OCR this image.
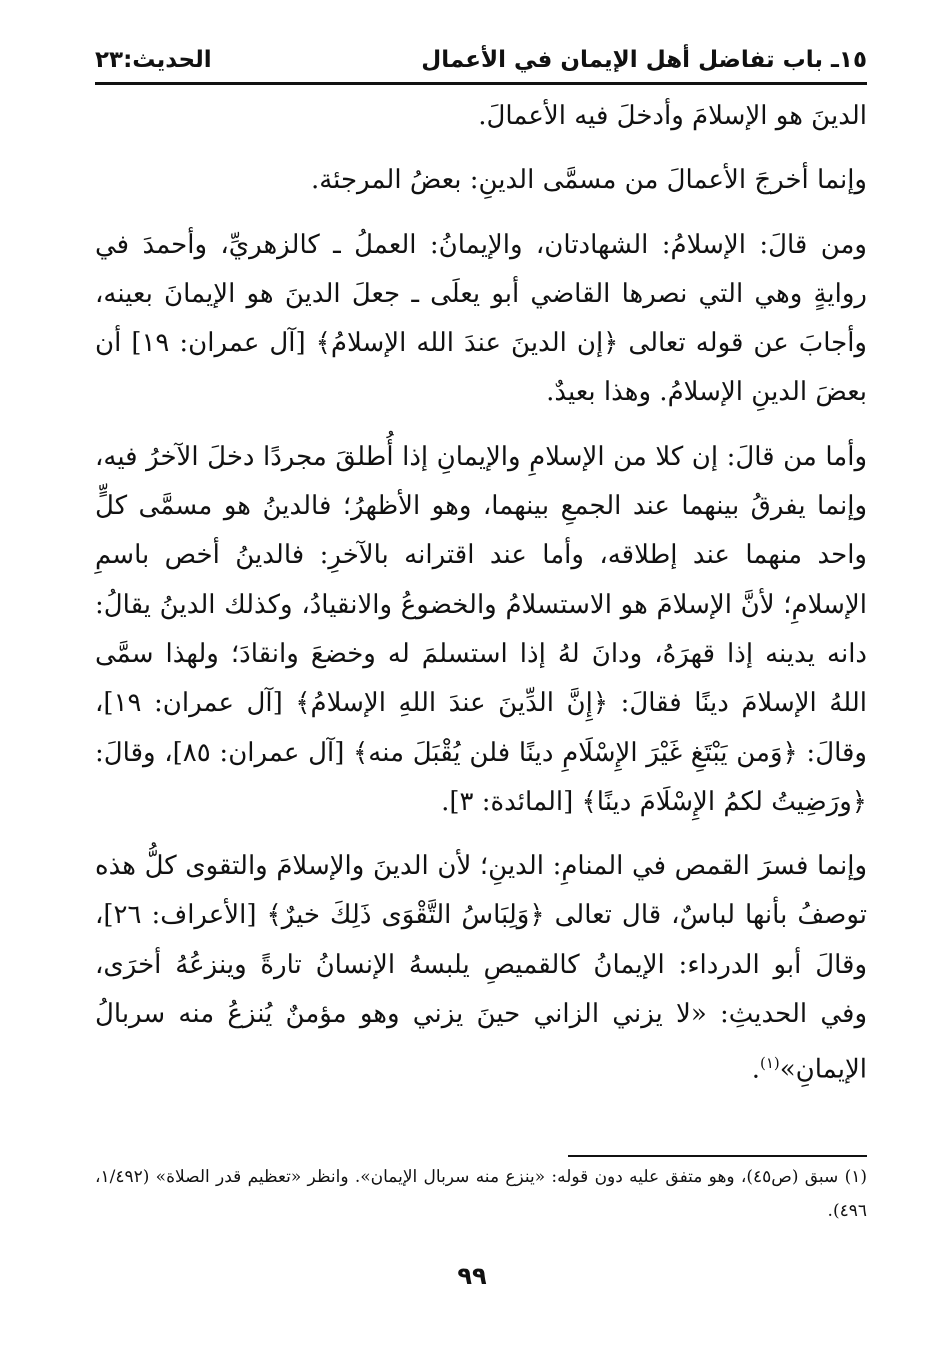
١٥ـ باب تفاضل أهل الإيمان في الأعمال
الحديث:٢٣

الدينَ هو الإسلامَ وأدخلَ فيه الأعمالَ.

وإنما أخرجَ الأعمالَ من مسمَّى الدينِ: بعضُ المرجئة.

ومن قالَ: الإسلامُ: الشهادتان، والإيمانُ: العملُ ـ كالزهريِّ، وأحمدَ في روايةٍ وهي التي نصرها القاضي أبو يعلَى ـ جعلَ الدينَ هو الإيمانَ بعينه، وأجابَ عن قوله تعالى ﴿إن الدينَ عندَ الله الإسلامُ﴾ [آل عمران: ١٩] أن بعضَ الدينِ الإسلامُ. وهذا بعيدٌ.

وأما من قالَ: إن كلا من الإسلامِ والإيمانِ إذا أُطلقَ مجردًا دخلَ الآخرُ فيه، وإنما يفرقُ بينهما عند الجمعِ بينهما، وهو الأظهرُ؛ فالدينُ هو مسمَّى كلٍّ واحد منهما عند إطلاقه، وأما عند اقترانه بالآخرِ: فالدينُ أخص باسمِ الإسلامِ؛ لأنَّ الإسلامَ هو الاستسلامُ والخضوعُ والانقيادُ، وكذلك الدينُ يقالُ: دانه يدينه إذا قهرَهُ، ودانَ لهُ إذا استسلمَ له وخضعَ وانقادَ؛ ولهذا سمَّى اللهُ الإسلامَ دينًا فقالَ: ﴿إِنَّ الدِّينَ عندَ اللهِ الإسلامُ﴾ [آل عمران: ١٩]، وقالَ: ﴿وَمن يَبْتَغِ غَيْرَ الإِسْلَامِ دينًا فلن يُقْبَلَ منه﴾ [آل عمران: ٨٥]، وقالَ: ﴿ورَضِيتُ لكمُ الإِسْلَامَ دينًا﴾ [المائدة: ٣].

وإنما فسرَ القمص في المنامِ: الدينِ؛ لأن الدينَ والإسلامَ والتقوى كلُّ هذه توصفُ بأنها لباسٌ، قال تعالى ﴿وَلِبَاسُ التَّقْوَى ذَلِكَ خيرٌ﴾ [الأعراف: ٢٦]، وقالَ أبو الدرداء: الإيمانُ كالقميصِ يلبسهُ الإنسانُ تارةً وينزعُهُ أخرَى، وفي الحديثِ: «لا يزني الزاني حينَ يزني وهو مؤمنٌ يُنزعُ منه سربالُ الإيمانِ»$^{(١)}$.

(١) سبق (ص٤٥)، وهو متفق عليه دون قوله: «ينزع منه سربال الإيمان». وانظر «تعظيم قدر الصلاة» (١/٤٩٢، ٤٩٦).
٩٩
